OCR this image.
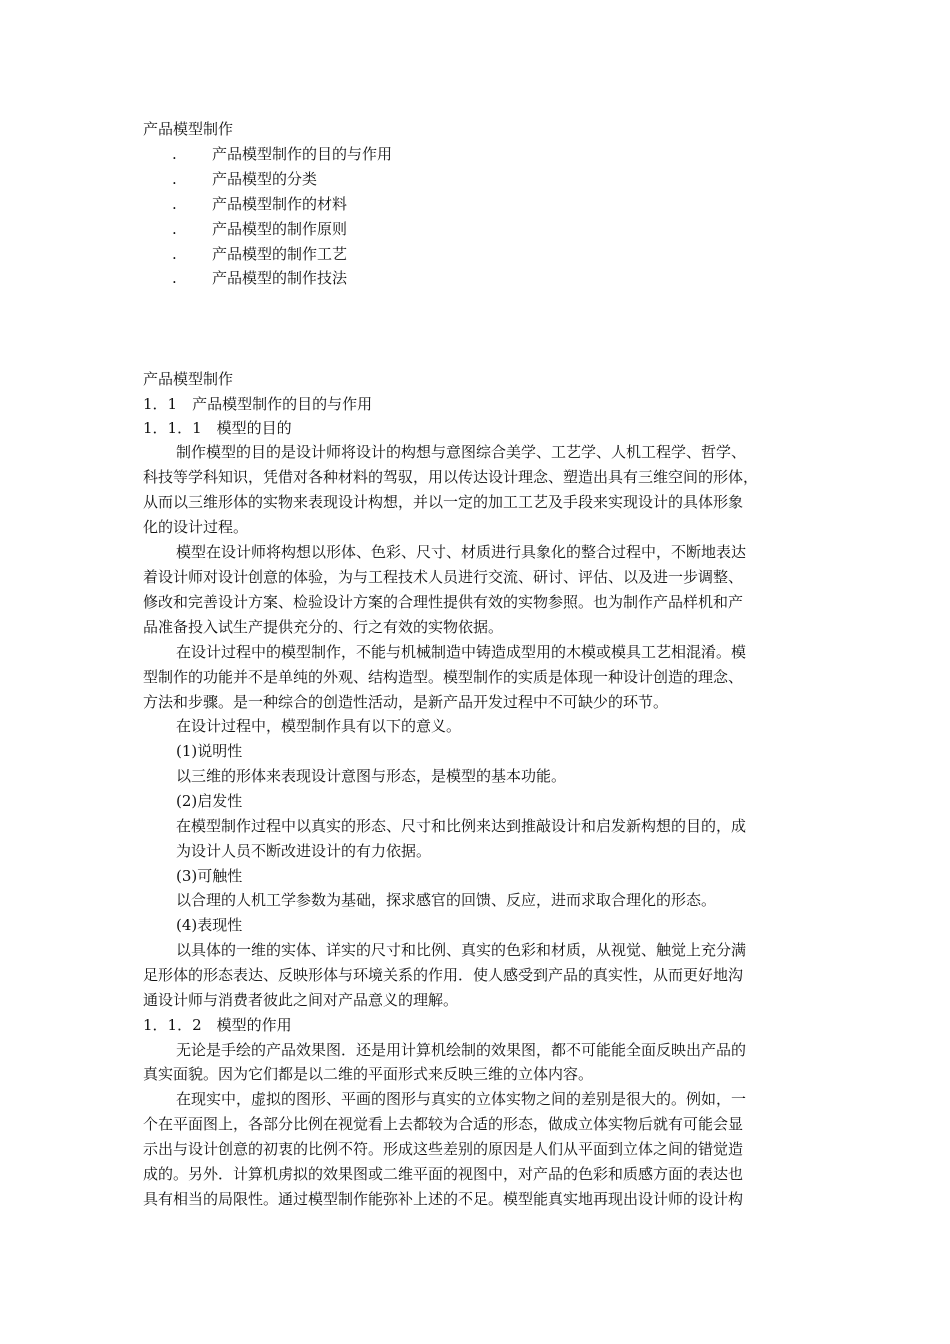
产品模型制作
. 产品模型制作的目的与作用
. 产品模型的分类
. 产品模型制作的材料
. 产品模型的制作原则
. 产品模型的制作工艺
. 产品模型的制作技法
产品模型制作
1．1　产品模型制作的目的与作用
1．1．1　模型的目的
制作模型的目的是设计师将设计的构想与意图综合美学、工艺学、人机工程学、哲学、
科技等学科知识，凭借对各种材料的驾驭，用以传达设计理念、塑造出具有三维空间的形体，
从而以三维形体的实物来表现设计构想，并以一定的加工工艺及手段来实现设计的具体形象
化的设计过程。
模型在设计师将构想以形体、色彩、尺寸、材质进行具象化的整合过程中，不断地表达
着设计师对设计创意的体验，为与工程技术人员进行交流、研讨、评估、以及进一步调整、
修改和完善设计方案、检验设计方案的合理性提供有效的实物参照。也为制作产品样机和产
品准备投入试生产提供充分的、行之有效的实物依据。
在设计过程中的模型制作，不能与机械制造中铸造成型用的木模或模具工艺相混淆。模
型制作的功能并不是单纯的外观、结构造型。模型制作的实质是体现一种设计创造的理念、
方法和步骤。是一种综合的创造性活动，是新产品开发过程中不可缺少的环节。
在设计过程中，模型制作具有以下的意义。
(1)说明性
以三维的形体来表现设计意图与形态，是模型的基本功能。
(2)启发性
在模型制作过程中以真实的形态、尺寸和比例来达到推敲设计和启发新构想的目的，成
为设计人员不断改进设计的有力依据。
(3)可触性
以合理的人机工学参数为基础，探求感官的回馈、反应，进而求取合理化的形态。
(4)表现性
以具体的一维的实体、详实的尺寸和比例、真实的色彩和材质，从视觉、触觉上充分满
足形体的形态表达、反映形体与环境关系的作用．使人感受到产品的真实性，从而更好地沟
通设计师与消费者彼此之间对产品意义的理解。
1．1．2　模型的作用
无论是手绘的产品效果图．还是用计算机绘制的效果图，都不可能能全面反映出产品的
真实面貌。因为它们都是以二维的平面形式来反映三维的立体内容。
在现实中，虚拟的图形、平画的图形与真实的立体实物之间的差别是很大的。例如，一
个在平面图上，各部分比例在视觉看上去都较为合适的形态，做成立体实物后就有可能会显
示出与设计创意的初衷的比例不符。形成这些差别的原因是人们从平面到立体之间的错觉造
成的。另外．计算机虏拟的效果图或二维平面的视图中，对产品的色彩和质感方面的表达也
具有相当的局限性。通过模型制作能弥补上述的不足。模型能真实地再现出设计师的设计构
